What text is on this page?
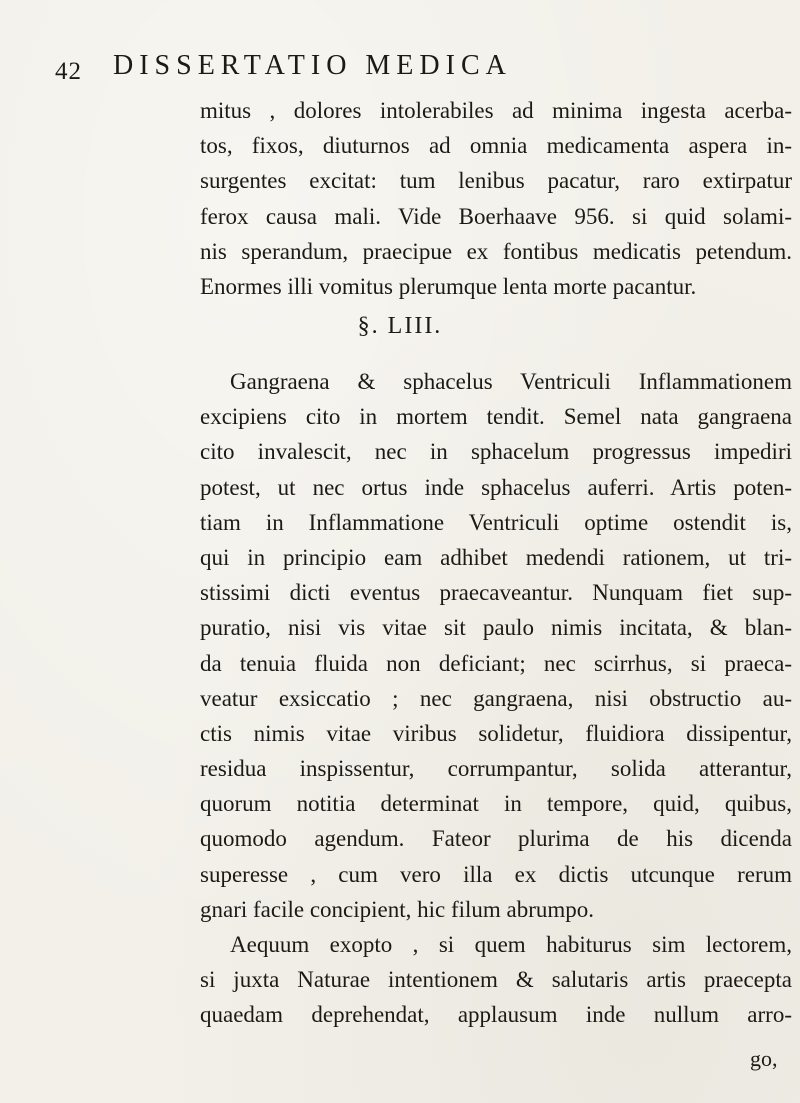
42 DISSERTATIO MEDICA
mitus , dolores intolerabiles ad minima ingesta acerba-
tos, fixos, diuturnos ad omnia medicamenta aspera in-
surgentes excitat: tum lenibus pacatur, raro extirpatur
ferox causa mali. Vide Boerhaave 956. si quid solami-
nis sperandum, praecipue ex fontibus medicatis petendum.
Enormes illi vomitus plerumque lenta morte pacantur.
§. LIII.
Gangraena & sphacelus Ventriculi Inflammationem
excipiens cito in mortem tendit. Semel nata gangraena
cito invalescit, nec in sphacelum progressus impediri
potest, ut nec ortus inde sphacelus auferri. Artis poten-
tiam in Inflammatione Ventriculi optime ostendit is,
qui in principio eam adhibet medendi rationem, ut tri-
stissimi dicti eventus praecaveantur. Nunquam fiet sup-
puratio, nisi vis vitae sit paulo nimis incitata, & blan-
da tenuia fluida non deficiant; nec scirrhus, si praeca-
veatur exsiccatio ; nec gangraena, nisi obstructio au-
ctis nimis vitae viribus solidetur, fluidiora dissipentur,
residua inspissentur, corrumpantur, solida atterantur,
quorum notitia determinat in tempore, quid, quibus,
quomodo agendum. Fateor plurima de his dicenda
superesse , cum vero illa ex dictis utcunque rerum
gnari facile concipient, hic filum abrumpo.
Aequum exopto , si quem habiturus sim lectorem,
si juxta Naturae intentionem & salutaris artis praecepta
quaedam deprehendat, applausum inde nullum arro-
go,
